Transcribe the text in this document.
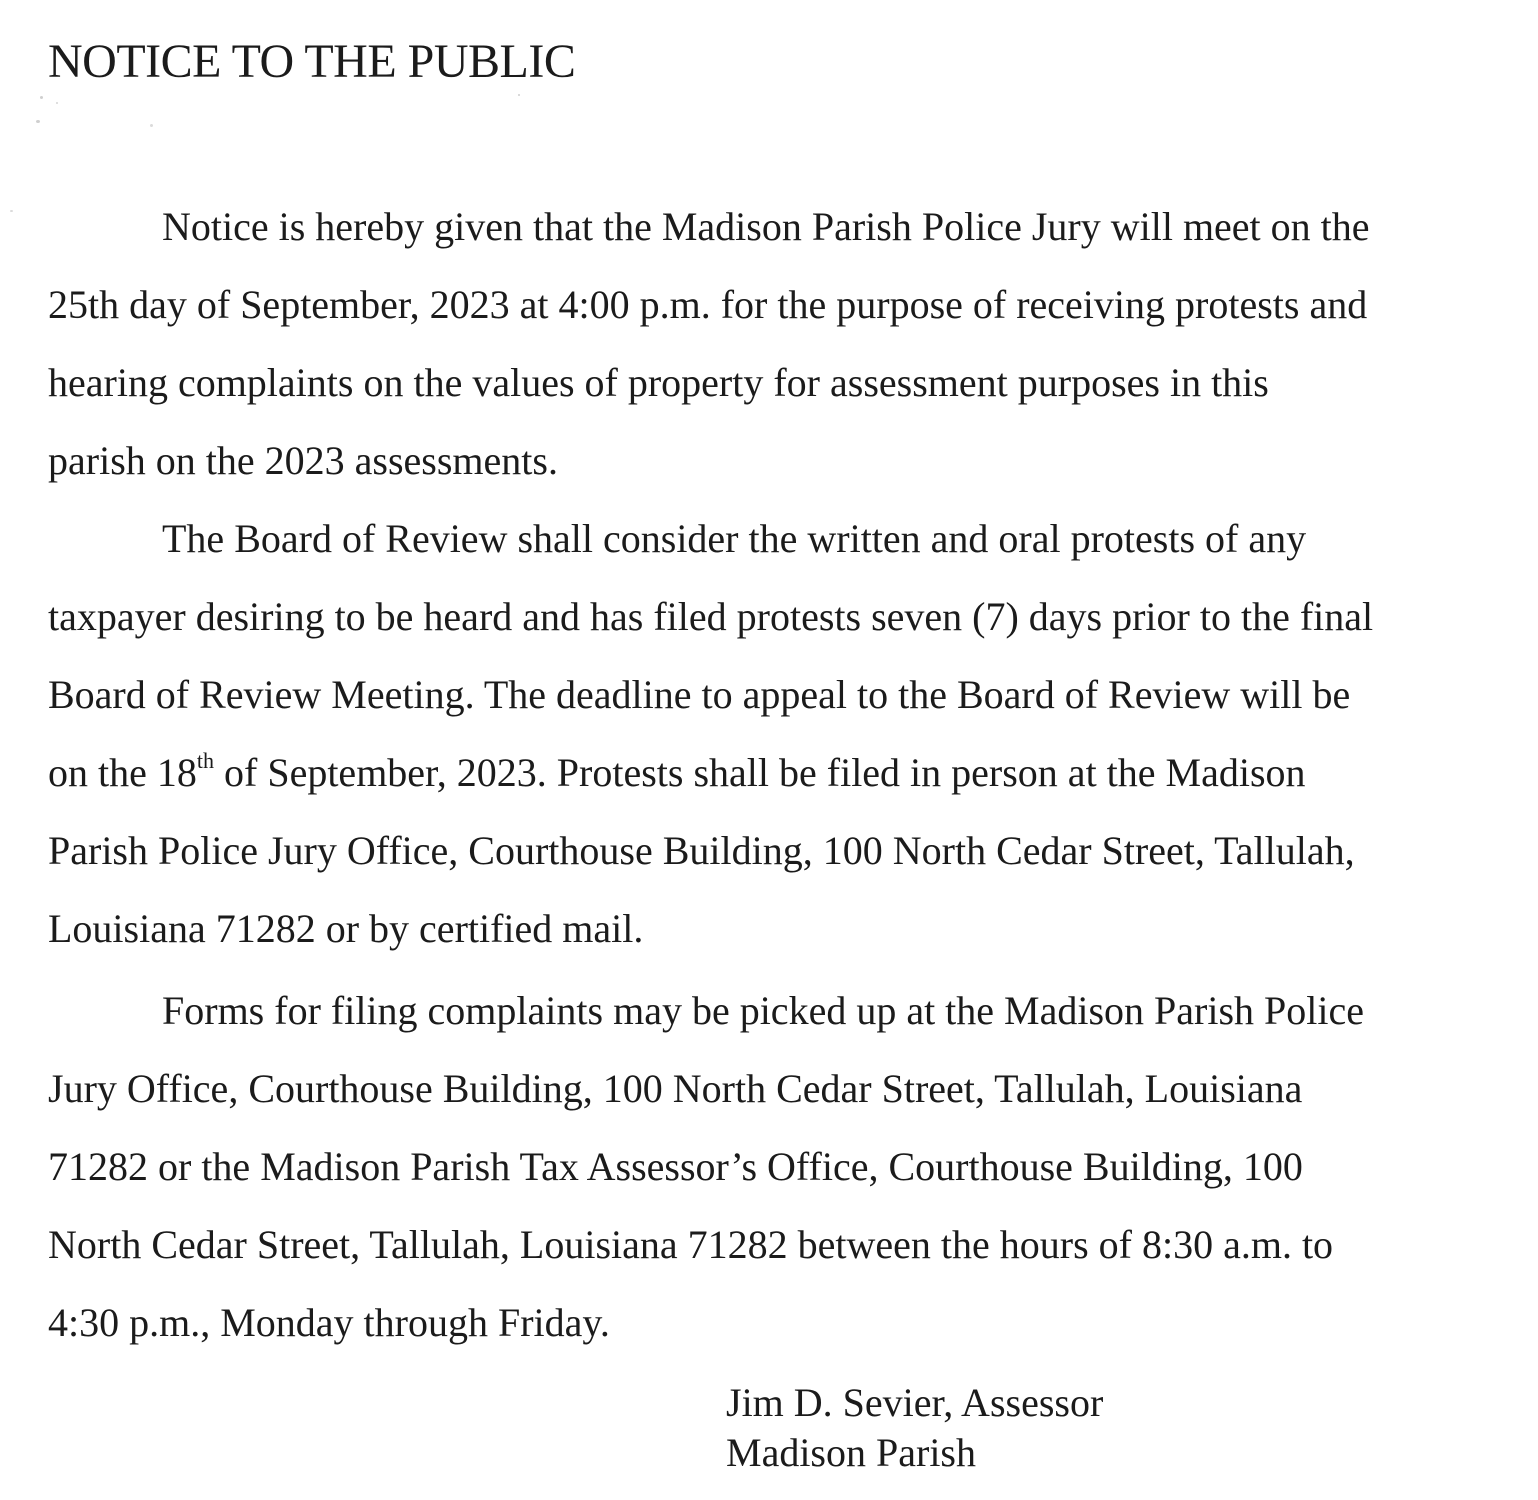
NOTICE TO THE PUBLIC

Notice is hereby given that the Madison Parish Police Jury will meet on the
25th day of September, 2023 at 4:00 p.m. for the purpose of receiving protests and
hearing complaints on the values of property for assessment purposes in this
parish on the 2023 assessments.

The Board of Review shall consider the written and oral protests of any
taxpayer desiring to be heard and has filed protests seven (7) days prior to the final
Board of Review Meeting. The deadline to appeal to the Board of Review will be
on the 18th of September, 2023. Protests shall be filed in person at the Madison
Parish Police Jury Office, Courthouse Building, 100 North Cedar Street, Tallulah,
Louisiana 71282 or by certified mail.

Forms for filing complaints may be picked up at the Madison Parish Police
Jury Office, Courthouse Building, 100 North Cedar Street, Tallulah, Louisiana
71282 or the Madison Parish Tax Assessor’s Office, Courthouse Building, 100
North Cedar Street, Tallulah, Louisiana 71282 between the hours of 8:30 a.m. to
4:30 p.m., Monday through Friday.

Jim D. Sevier, Assessor
Madison Parish
